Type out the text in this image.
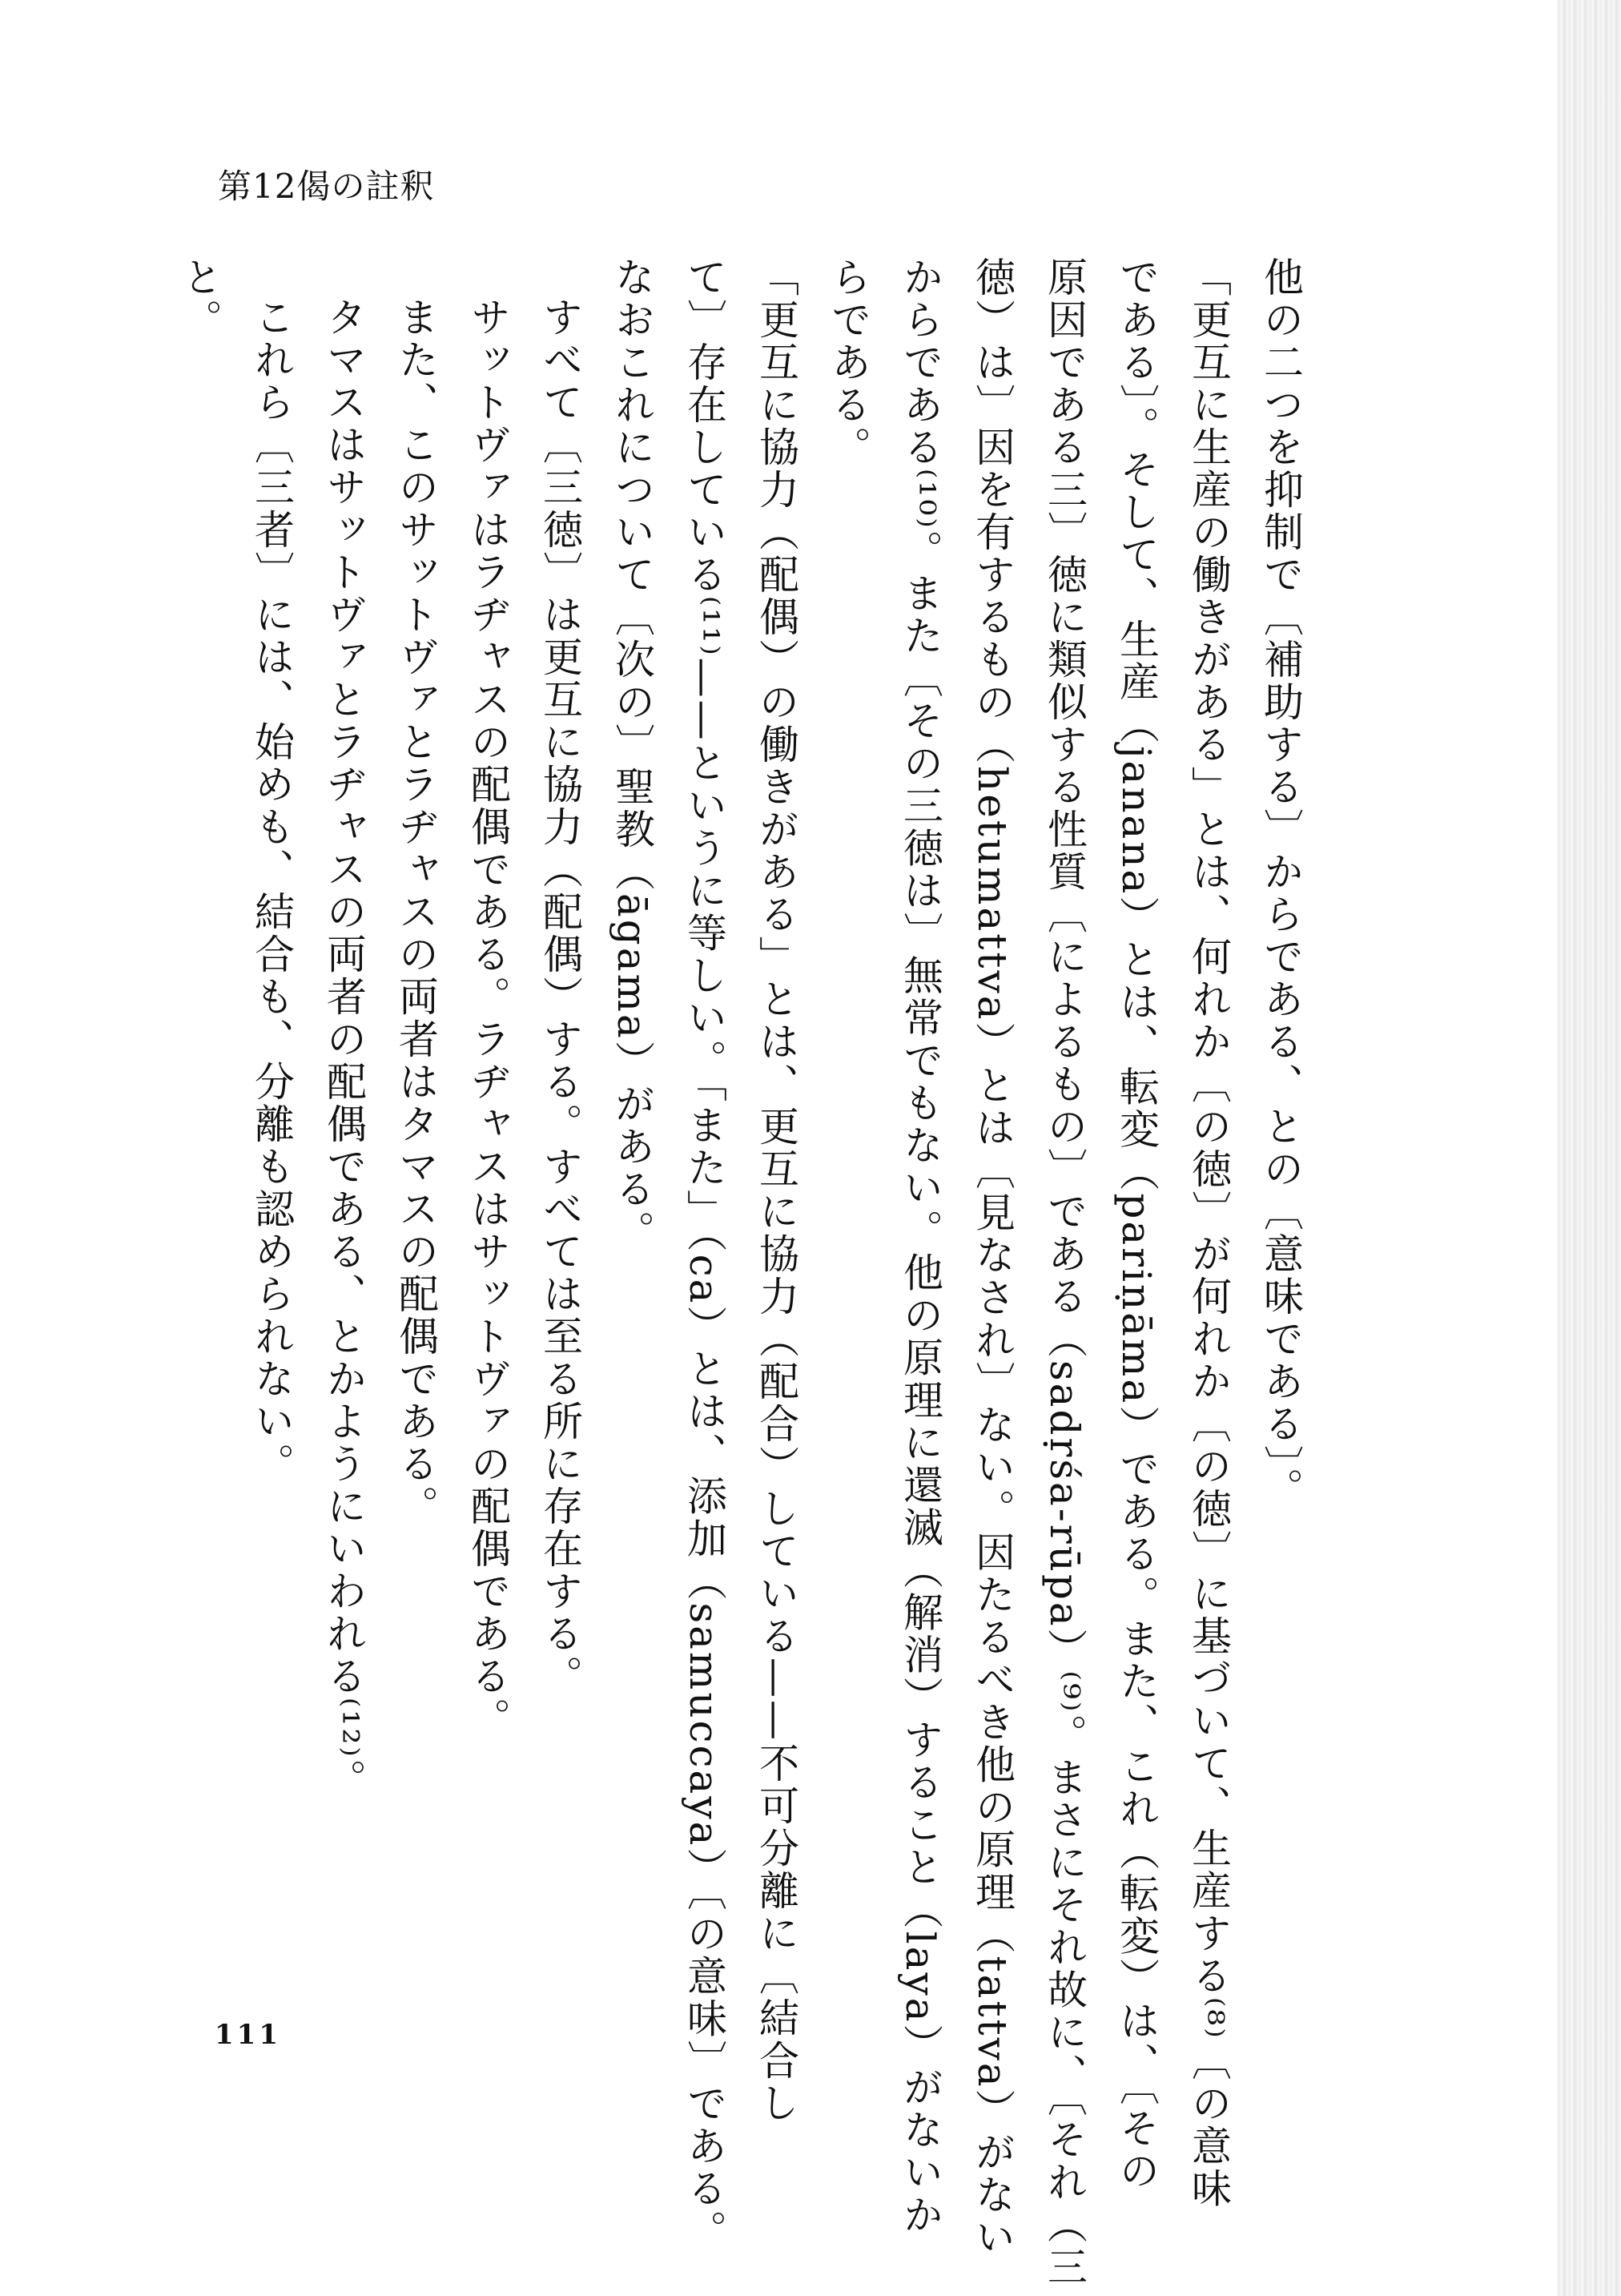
第12偈の註釈

他の二つを抑制で〔補助する〕からである、との〔意味である〕。

「更互に生産の働きがある」とは、何れか〔の徳〕が何れか〔の徳〕に基づいて、生産する⁽⁸⁾〔の意味

である〕。そして、生産（janana）とは、転変（pariṇāma）である。また、これ（転変）は、〔その

原因である三〕徳に類似する性質〔によるもの〕である（sadṛśa-rūpa）⁽⁹⁾。まさにそれ故に、〔それ（三

徳）は〕因を有するもの（hetumattva）とは〔見なされ〕ない。因たるべき他の原理（tattva）がない

からである⁽¹⁰⁾。また〔その三徳は〕無常でもない。他の原理に還滅（解消）すること（laya）がないか

らである。

「更互に協力（配偶）の働きがある」とは、更互に協力（配合）している——不可分離に〔結合し

て〕存在している⁽¹¹⁾——というに等しい。「また」（ca）とは、添加（samuccaya）〔の意味〕である。

なおこれについて〔次の〕聖教（āgama）がある。

すべて〔三徳〕は更互に協力（配偶）する。すべては至る所に存在する。

サットヴァはラヂャスの配偶である。ラヂャスはサットヴァの配偶である。

また、このサットヴァとラヂャスの両者はタマスの配偶である。

タマスはサットヴァとラヂャスの両者の配偶である、とかようにいわれる⁽¹²⁾。

これら〔三者〕には、始めも、結合も、分離も認められない。

と。

111
